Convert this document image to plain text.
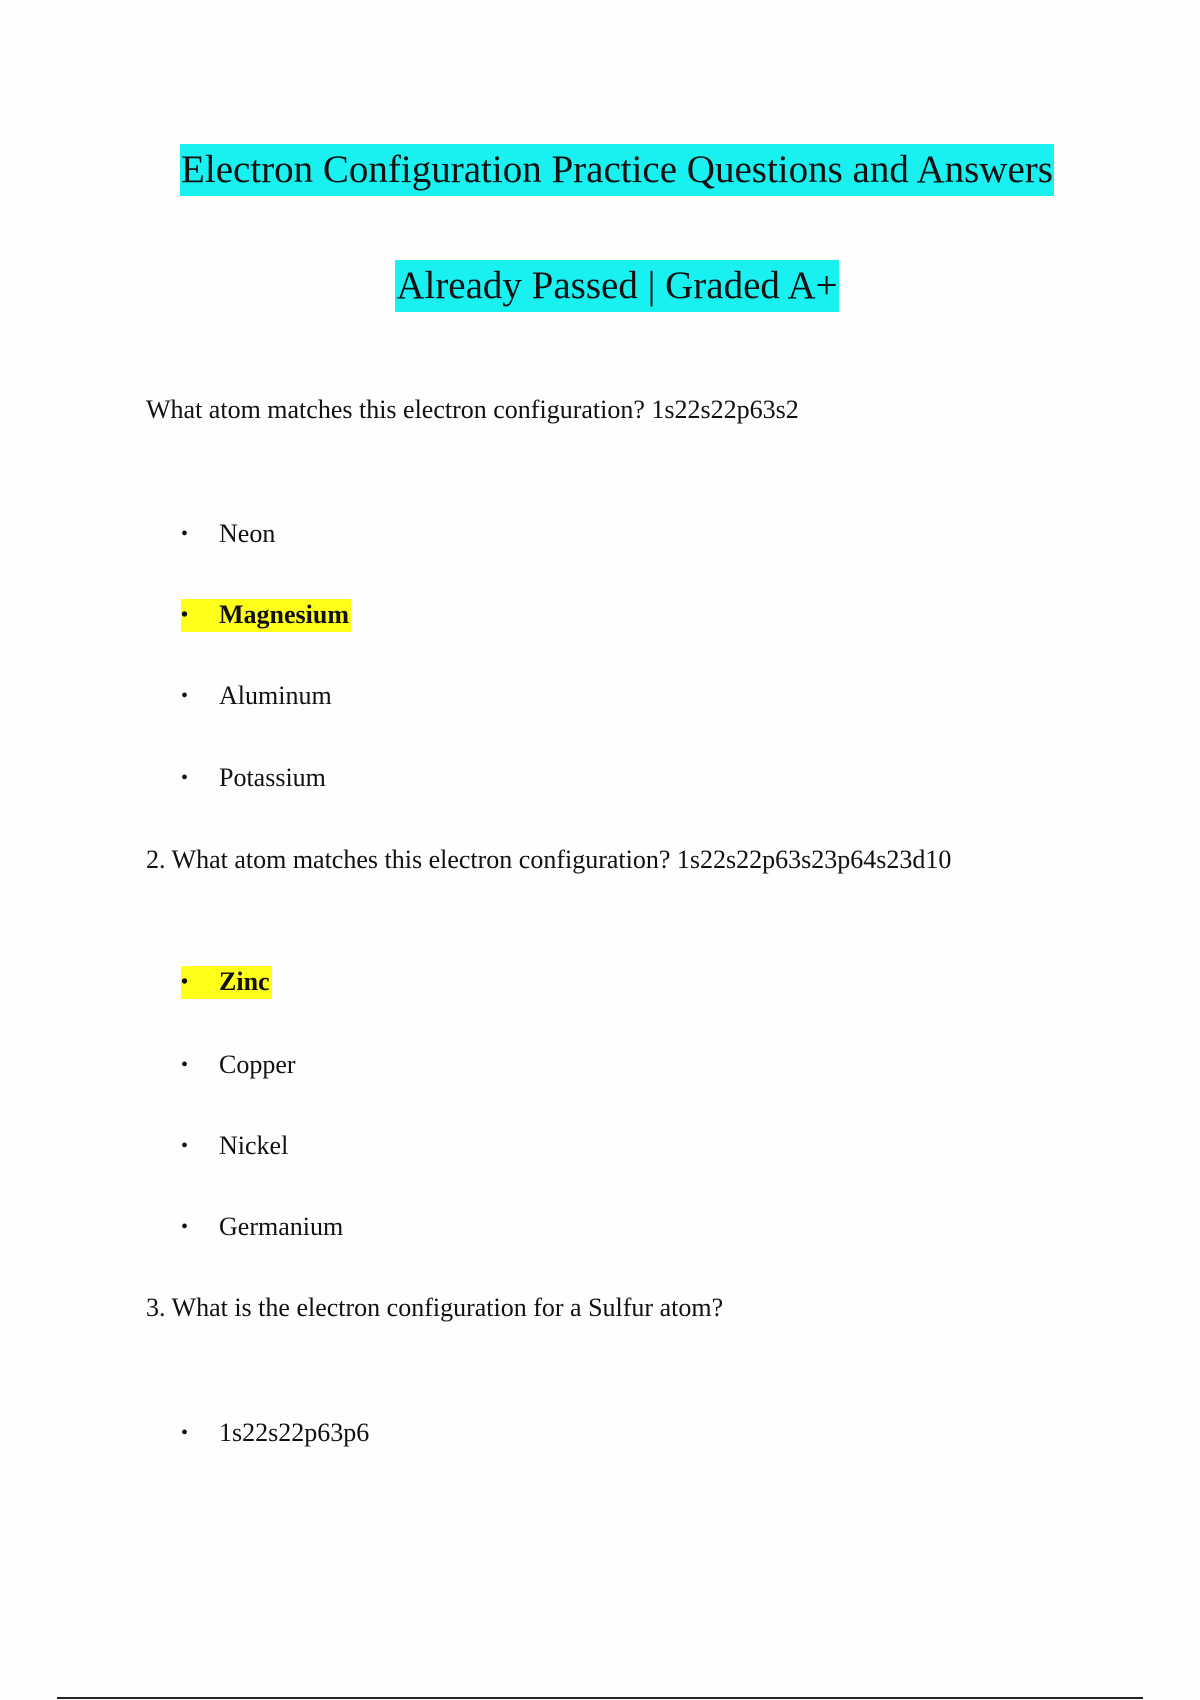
Electron Configuration Practice Questions and Answers
Already Passed | Graded A+
What atom matches this electron configuration? 1s22s22p63s2
•	Neon
•	Magnesium
•	Aluminum
•	Potassium
2. What atom matches this electron configuration? 1s22s22p63s23p64s23d10
•	Zinc
•	Copper
•	Nickel
•	Germanium
3. What is the electron configuration for a Sulfur atom?
•	1s22s22p63p6
